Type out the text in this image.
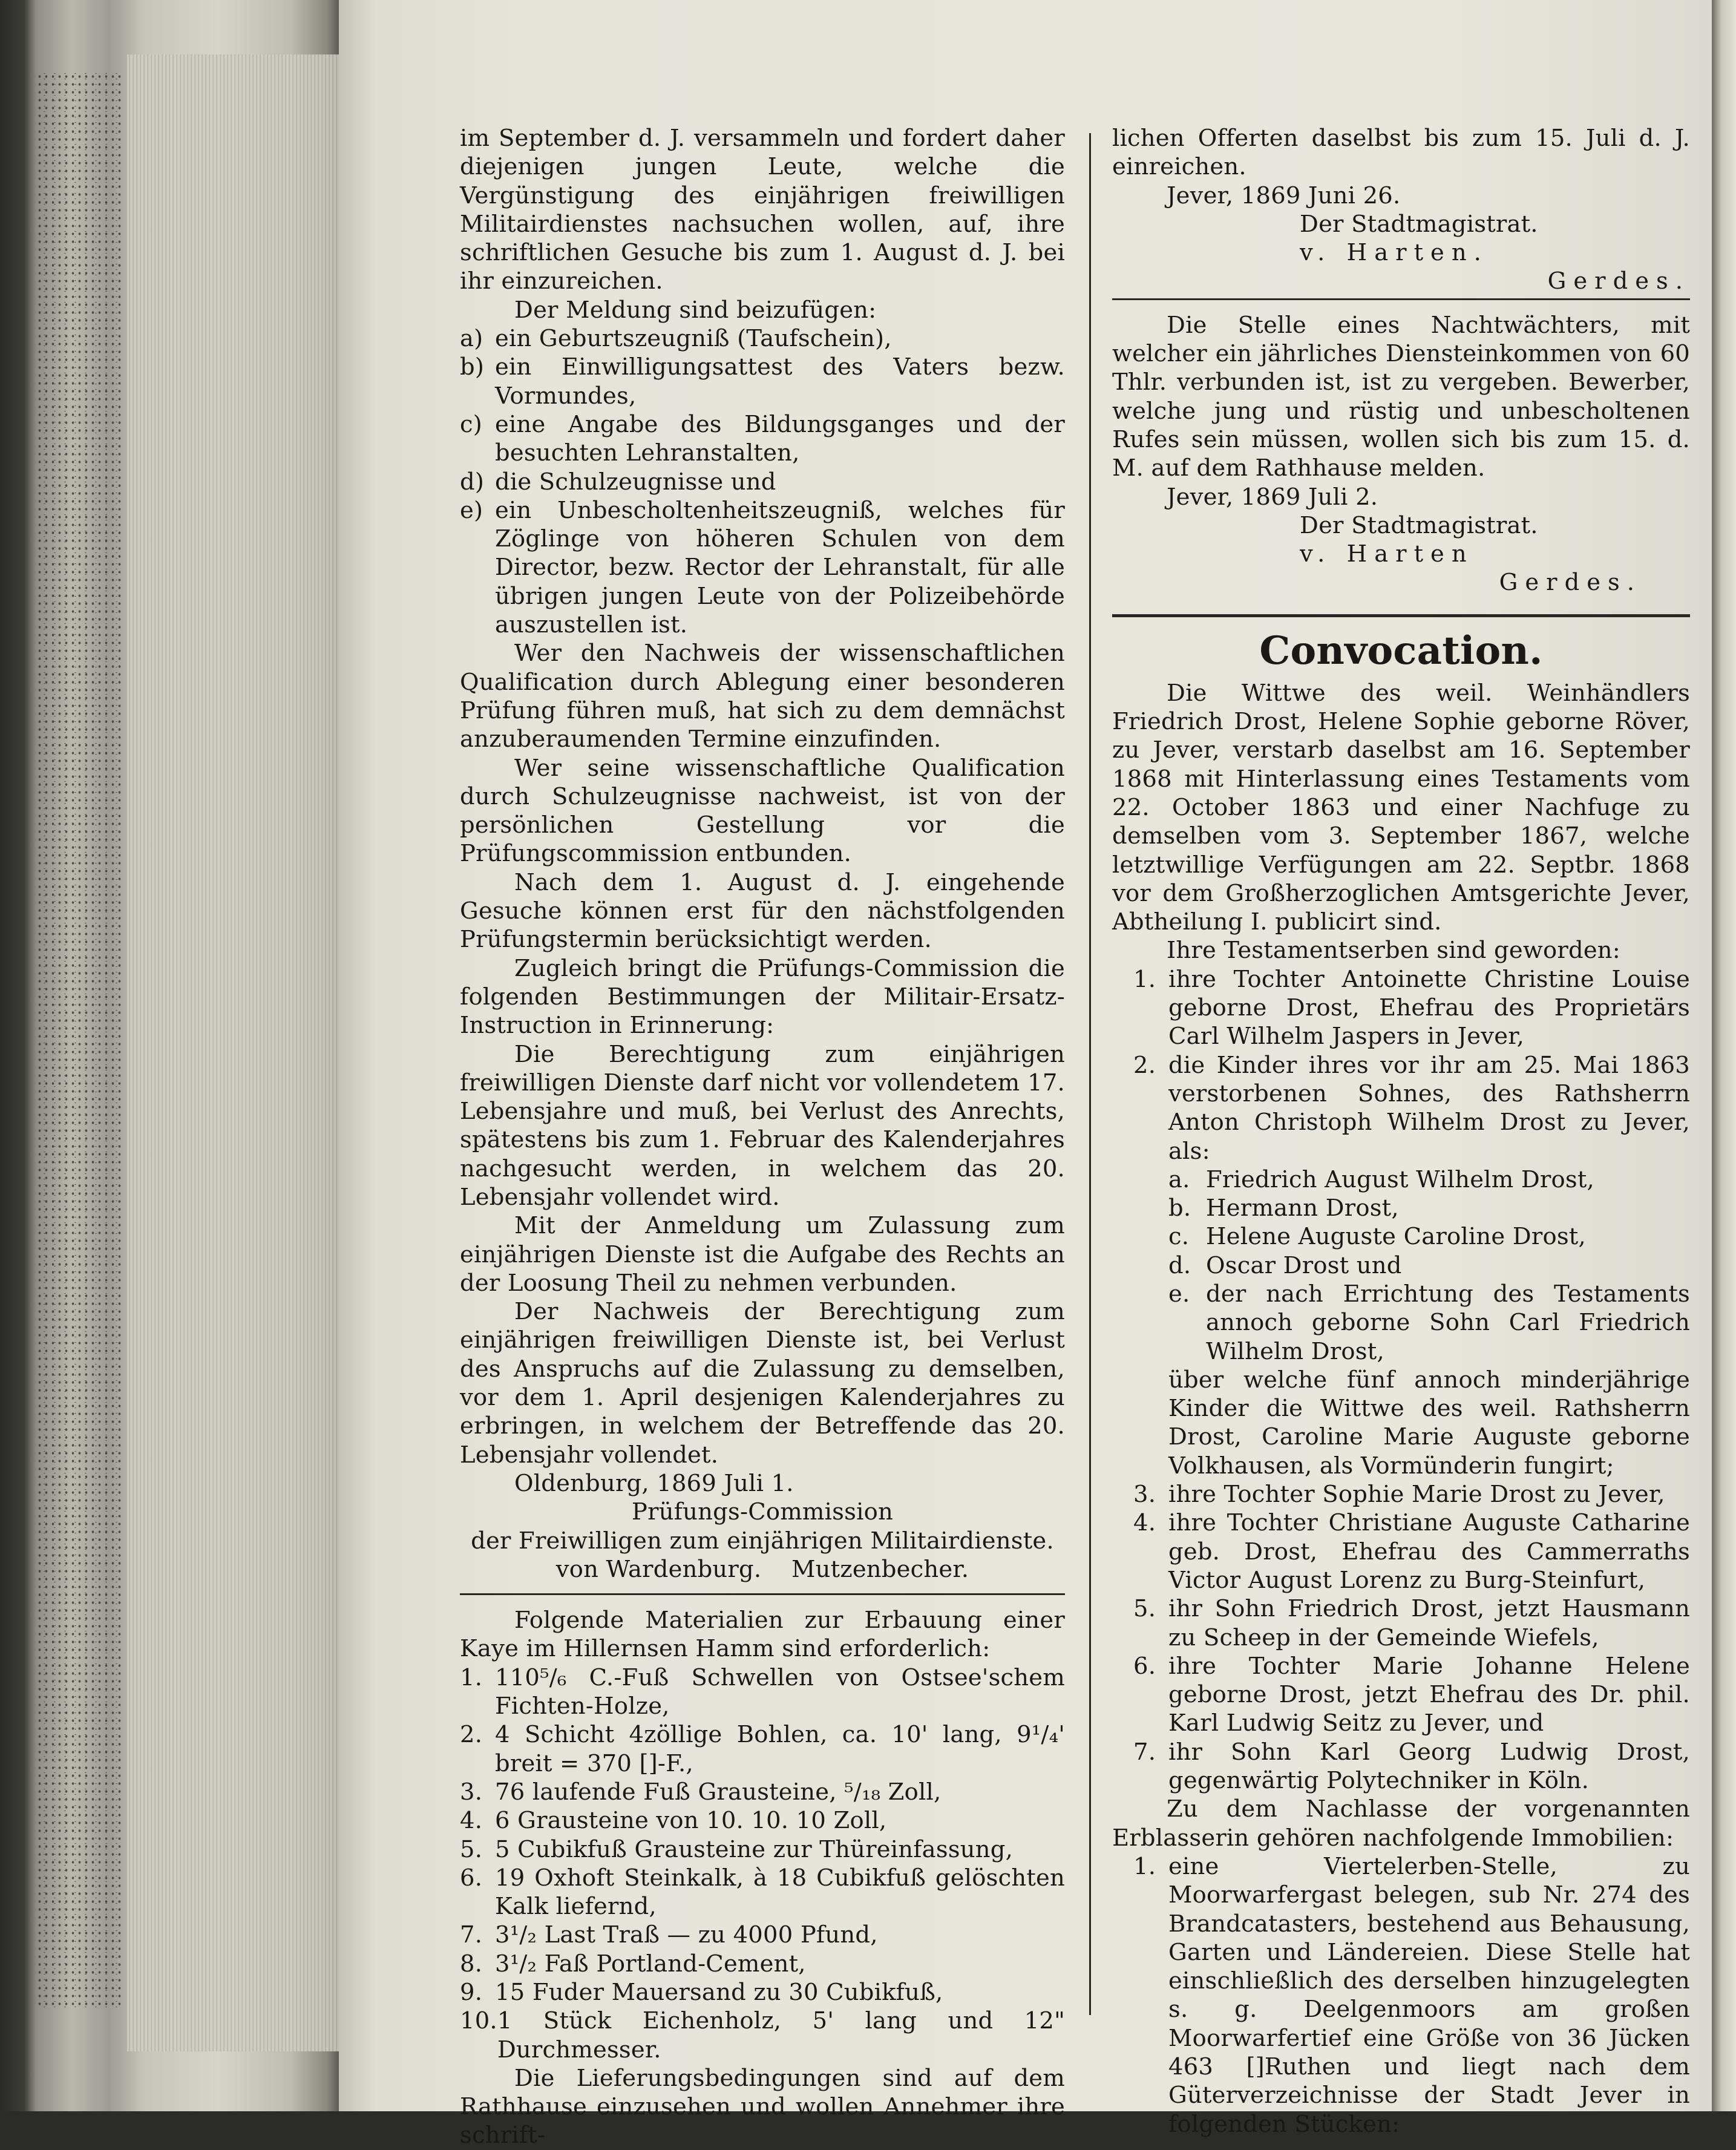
im September d. J. versammeln und fordert daher diejenigen jungen Leute, welche die Vergünstigung des einjährigen freiwilligen Militairdienstes nachsuchen wollen, auf, ihre schriftlichen Gesuche bis zum 1. August d. J. bei ihr einzureichen.

Der Meldung sind beizufügen:

a) ein Geburtszeugniß (Taufschein),
b) ein Einwilligungsattest des Vaters bezw. Vormundes,
c) eine Angabe des Bildungsganges und der besuchten Lehranstalten,
d) die Schulzeugnisse und
e) ein Unbescholtenheitszeugniß, welches für Zöglinge von höheren Schulen von dem Director, bezw. Rector der Lehranstalt, für alle übrigen jungen Leute von der Polizeibehörde auszustellen ist.

Wer den Nachweis der wissenschaftlichen Qualification durch Ablegung einer besonderen Prüfung führen muß, hat sich zu dem demnächst anzuberaumenden Termine einzufinden.

Wer seine wissenschaftliche Qualification durch Schulzeugnisse nachweist, ist von der persönlichen Gestellung vor die Prüfungscommission entbunden.

Nach dem 1. August d. J. eingehende Gesuche können erst für den nächstfolgenden Prüfungstermin berücksichtigt werden.

Zugleich bringt die Prüfungs-Commission die folgenden Bestimmungen der Militair-Ersatz-Instruction in Erinnerung:

Die Berechtigung zum einjährigen freiwilligen Dienste darf nicht vor vollendetem 17. Lebensjahre und muß, bei Verlust des Anrechts, spätestens bis zum 1. Februar des Kalenderjahres nachgesucht werden, in welchem das 20. Lebensjahr vollendet wird.

Mit der Anmeldung um Zulassung zum einjährigen Dienste ist die Aufgabe des Rechts an der Loosung Theil zu nehmen verbunden.

Der Nachweis der Berechtigung zum einjährigen freiwilligen Dienste ist, bei Verlust des Anspruchs auf die Zulassung zu demselben, vor dem 1. April desjenigen Kalenderjahres zu erbringen, in welchem der Betreffende das 20. Lebensjahr vollendet.

Oldenburg, 1869 Juli 1.

Prüfungs-Commission

der Freiwilligen zum einjährigen Militairdienste.

von Wardenburg.    Mutzenbecher.

Folgende Materialien zur Erbauung einer Kaye im Hillernsen Hamm sind erforderlich:

1. 110⁵/₆ C.-Fuß Schwellen von Ostsee'schem Fichten-Holze,
2. 4 Schicht 4zöllige Bohlen, ca. 10' lang, 9¹/₄' breit = 370 []-F.,
3. 76 laufende Fuß Grausteine, ⁵/₁₈ Zoll,
4. 6 Grausteine von 10. 10. 10 Zoll,
5. 5 Cubikfuß Grausteine zur Thüreinfassung,
6. 19 Oxhoft Steinkalk, à 18 Cubikfuß gelöschten Kalk liefernd,
7. 3¹/₂ Last Traß — zu 4000 Pfund,
8. 3¹/₂ Faß Portland-Cement,
9. 15 Fuder Mauersand zu 30 Cubikfuß,
10. 1 Stück Eichenholz, 5' lang und 12" Durchmesser.

Die Lieferungsbedingungen sind auf dem Rathhause einzusehen und wollen Annehmer ihre schrift-

lichen Offerten daselbst bis zum 15. Juli d. J. einreichen.

Jever, 1869 Juni 26.

Der Stadtmagistrat.

v. Harten.

Gerdes.

Die Stelle eines Nachtwächters, mit welcher ein jährliches Diensteinkommen von 60 Thlr. verbunden ist, ist zu vergeben. Bewerber, welche jung und rüstig und unbescholtenen Rufes sein müssen, wollen sich bis zum 15. d. M. auf dem Rathhause melden.

Jever, 1869 Juli 2.

Der Stadtmagistrat.

v. Harten

Gerdes.

Convocation.

Die Wittwe des weil. Weinhändlers Friedrich Drost, Helene Sophie geborne Röver, zu Jever, verstarb daselbst am 16. September 1868 mit Hinterlassung eines Testaments vom 22. October 1863 und einer Nachfuge zu demselben vom 3. September 1867, welche letztwillige Verfügungen am 22. Septbr. 1868 vor dem Großherzoglichen Amtsgerichte Jever, Abtheilung I. publicirt sind.

Ihre Testamentserben sind geworden:

1. ihre Tochter Antoinette Christine Louise geborne Drost, Ehefrau des Proprietärs Carl Wilhelm Jaspers in Jever,
2. die Kinder ihres vor ihr am 25. Mai 1863 verstorbenen Sohnes, des Rathsherrn Anton Christoph Wilhelm Drost zu Jever, als:
a. Friedrich August Wilhelm Drost,
b. Hermann Drost,
c. Helene Auguste Caroline Drost,
d. Oscar Drost und
e. der nach Errichtung des Testaments annoch geborne Sohn Carl Friedrich Wilhelm Drost,

über welche fünf annoch minderjährige Kinder die Wittwe des weil. Rathsherrn Drost, Caroline Marie Auguste geborne Volkhausen, als Vormünderin fungirt;

3. ihre Tochter Sophie Marie Drost zu Jever,
4. ihre Tochter Christiane Auguste Catharine geb. Drost, Ehefrau des Cammerraths Victor August Lorenz zu Burg-Steinfurt,
5. ihr Sohn Friedrich Drost, jetzt Hausmann zu Scheep in der Gemeinde Wiefels,
6. ihre Tochter Marie Johanne Helene geborne Drost, jetzt Ehefrau des Dr. phil. Karl Ludwig Seitz zu Jever, und
7. ihr Sohn Karl Georg Ludwig Drost, gegenwärtig Polytechniker in Köln.

Zu dem Nachlasse der vorgenannten Erblasserin gehören nachfolgende Immobilien:

1. eine Viertelerben-Stelle, zu Moorwarfergast belegen, sub Nr. 274 des Brandcatasters, bestehend aus Behausung, Garten und Ländereien. Diese Stelle hat einschließlich des derselben hinzugelegten s. g. Deelgenmoors am großen Moorwarfertief eine Größe von 36 Jücken 463 []Ruthen und liegt nach dem Güterverzeichnisse der Stadt Jever in folgenden Stücken:
